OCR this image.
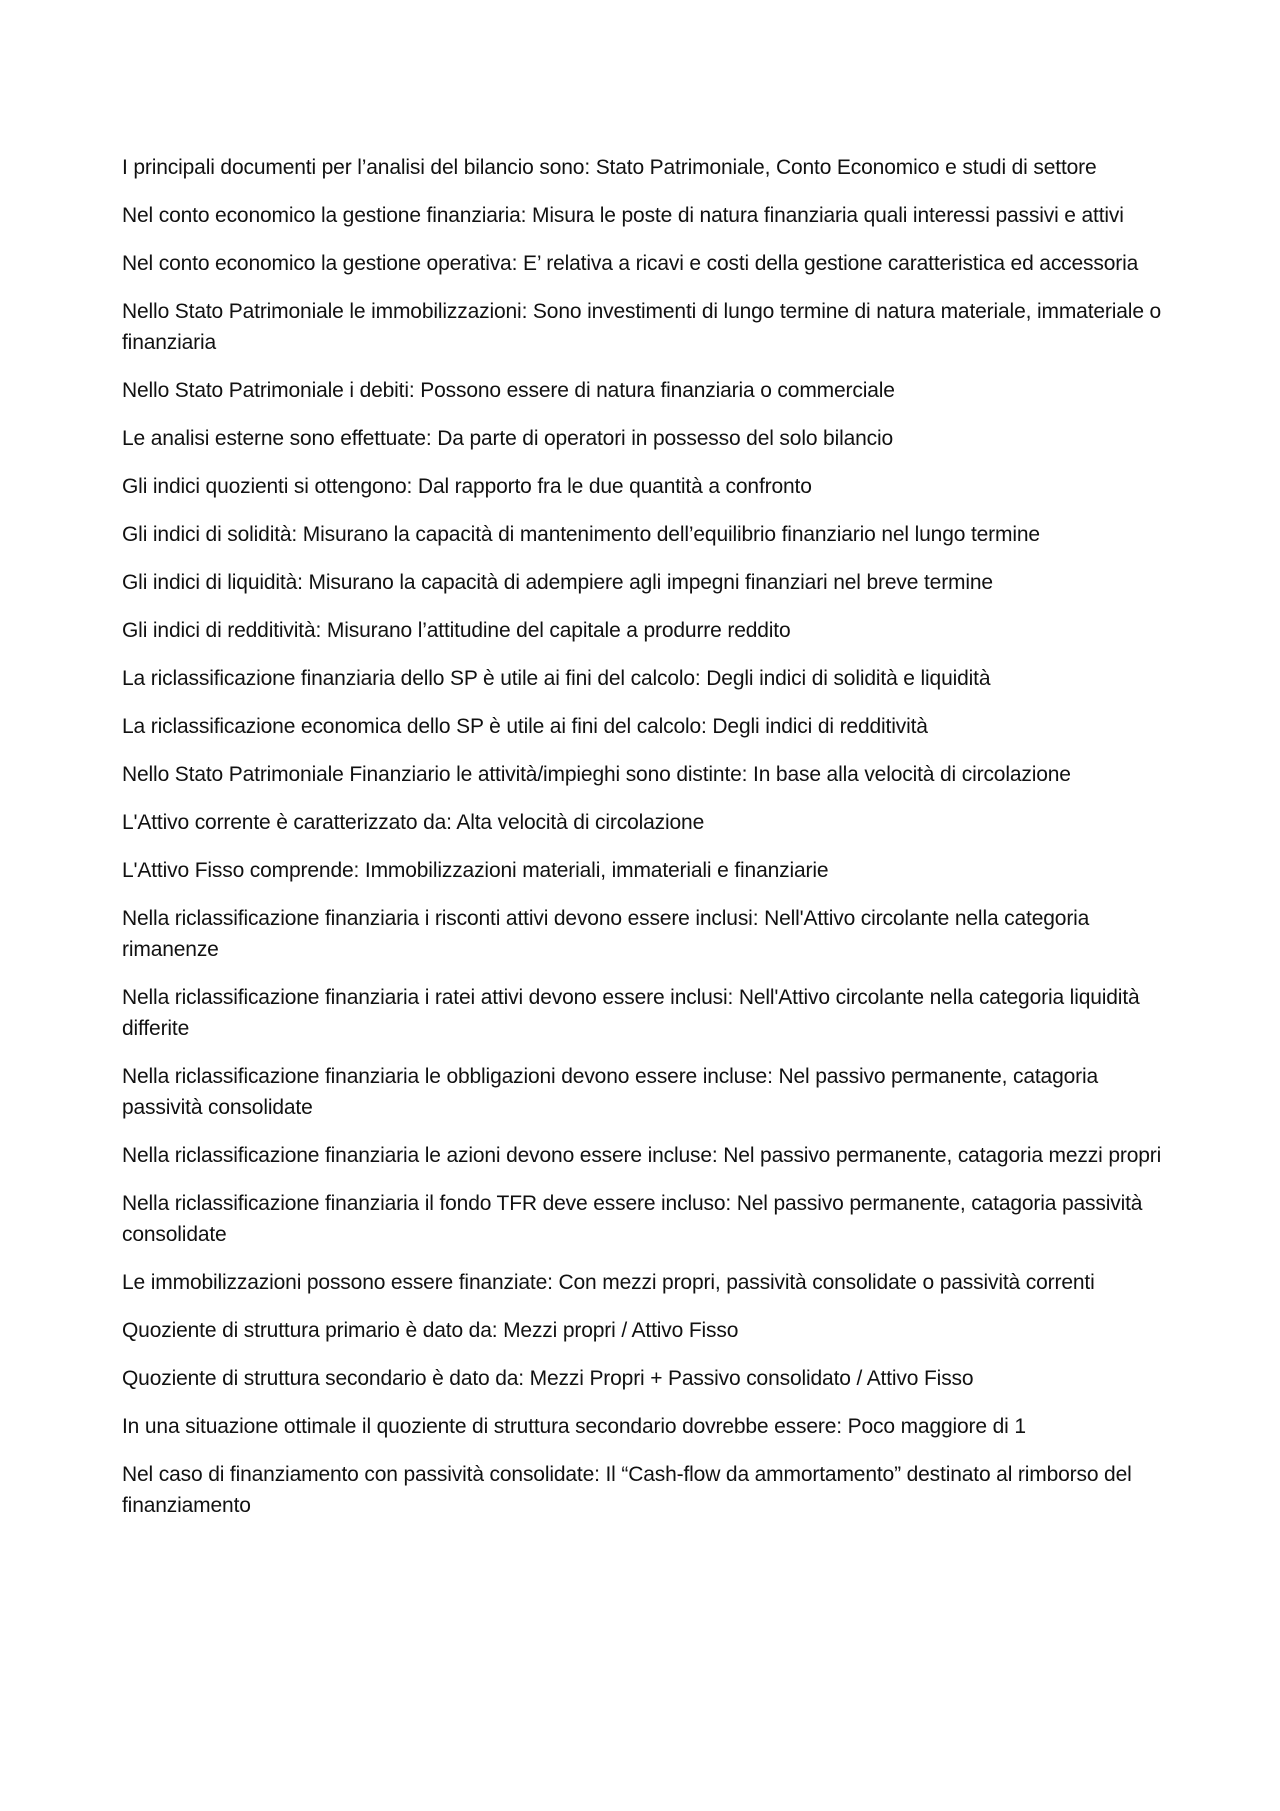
I principali documenti per l’analisi del bilancio sono: Stato Patrimoniale, Conto Economico e studi di settore

Nel conto economico la gestione finanziaria: Misura le poste di natura finanziaria quali interessi passivi e attivi

Nel conto economico la gestione operativa: E’ relativa a ricavi e costi della gestione caratteristica ed accessoria

Nello Stato Patrimoniale le immobilizzazioni: Sono investimenti di lungo termine di natura materiale, immateriale o finanziaria

Nello Stato Patrimoniale i debiti: Possono essere di natura finanziaria o commerciale

Le analisi esterne sono effettuate: Da parte di operatori in possesso del solo bilancio

Gli indici quozienti si ottengono: Dal rapporto fra le due quantità a confronto

Gli indici di solidità: Misurano la capacità di mantenimento dell’equilibrio finanziario nel lungo termine

Gli indici di liquidità: Misurano la capacità di adempiere agli impegni finanziari nel breve termine

Gli indici di redditività: Misurano l’attitudine del capitale a produrre reddito

La riclassificazione finanziaria dello SP è utile ai fini del calcolo: Degli indici di solidità e liquidità

La riclassificazione economica dello SP è utile ai fini del calcolo: Degli indici di redditività

Nello Stato Patrimoniale Finanziario le attività/impieghi sono distinte: In base alla velocità di circolazione

L'Attivo corrente è caratterizzato da: Alta velocità di circolazione

L'Attivo Fisso comprende: Immobilizzazioni materiali, immateriali e finanziarie

Nella riclassificazione finanziaria i risconti attivi devono essere inclusi: Nell'Attivo circolante nella categoria rimanenze

Nella riclassificazione finanziaria i ratei attivi devono essere inclusi: Nell'Attivo circolante nella categoria liquidità differite

Nella riclassificazione finanziaria le obbligazioni devono essere incluse: Nel passivo permanente, catagoria passività consolidate

Nella riclassificazione finanziaria le azioni devono essere incluse: Nel passivo permanente, catagoria mezzi propri

Nella riclassificazione finanziaria il fondo TFR deve essere incluso: Nel passivo permanente, catagoria passività consolidate

Le immobilizzazioni possono essere finanziate: Con mezzi propri, passività consolidate o passività correnti

Quoziente di struttura primario è dato da: Mezzi propri / Attivo Fisso

Quoziente di struttura secondario è dato da: Mezzi Propri + Passivo consolidato / Attivo Fisso

In una situazione ottimale il quoziente di struttura secondario dovrebbe essere: Poco maggiore di 1

Nel caso di finanziamento con passività consolidate: Il “Cash-flow da ammortamento” destinato al rimborso del finanziamento
